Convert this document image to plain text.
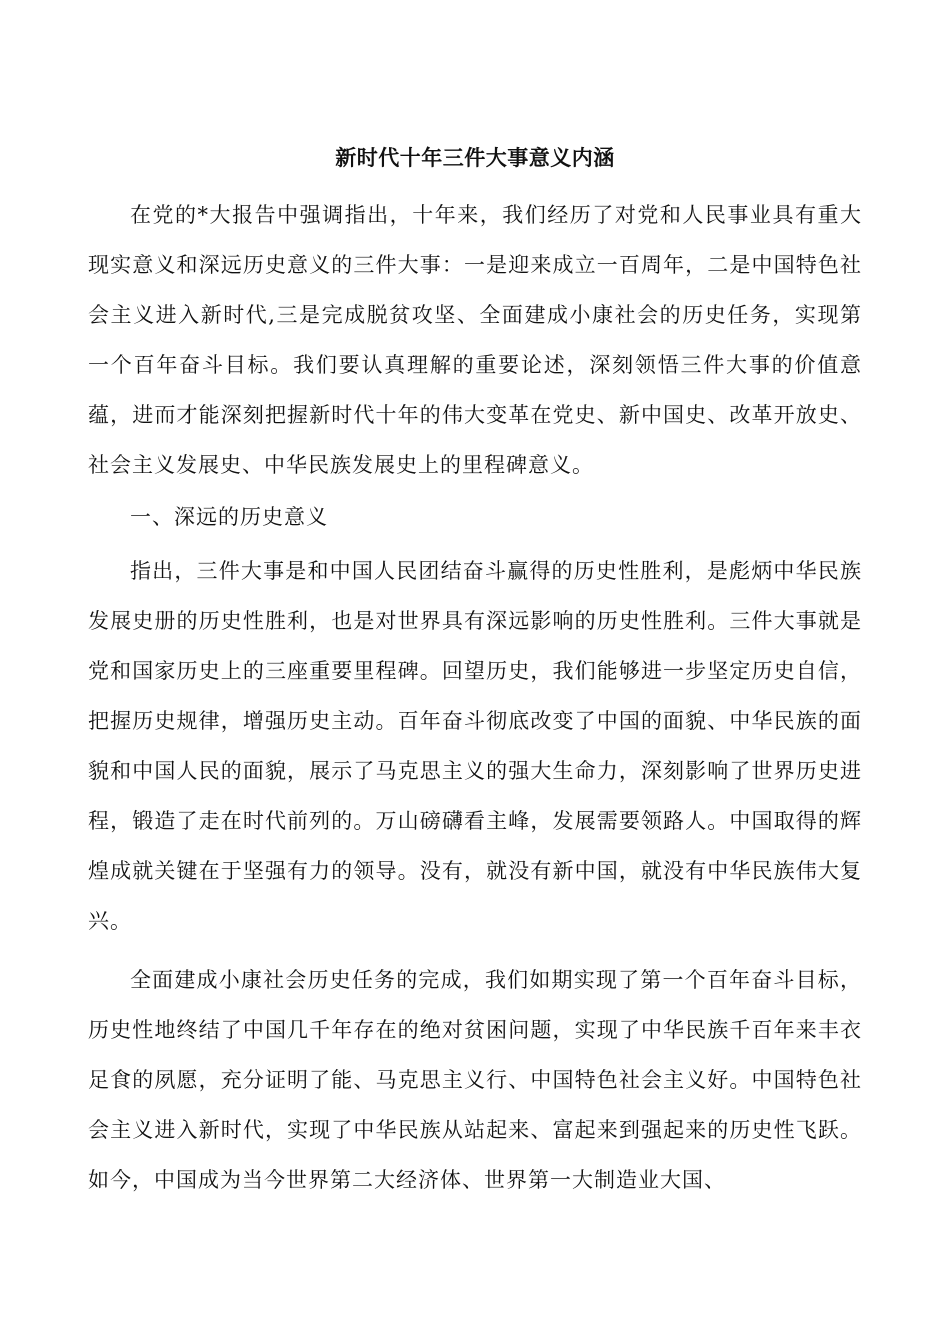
新时代十年三件大事意义内涵

在党的*大报告中强调指出，十年来，我们经历了对党和人民事业具有重大现实意义和深远历史意义的三件大事：一是迎来成立一百周年，二是中国特色社会主义进入新时代,三是完成脱贫攻坚、全面建成小康社会的历史任务，实现第一个百年奋斗目标。我们要认真理解的重要论述，深刻领悟三件大事的价值意蕴，进而才能深刻把握新时代十年的伟大变革在党史、新中国史、改革开放史、社会主义发展史、中华民族发展史上的里程碑意义。

一、深远的历史意义

指出，三件大事是和中国人民团结奋斗赢得的历史性胜利，是彪炳中华民族发展史册的历史性胜利，也是对世界具有深远影响的历史性胜利。三件大事就是党和国家历史上的三座重要里程碑。回望历史，我们能够进一步坚定历史自信，把握历史规律，增强历史主动。百年奋斗彻底改变了中国的面貌、中华民族的面貌和中国人民的面貌，展示了马克思主义的强大生命力，深刻影响了世界历史进程，锻造了走在时代前列的。万山磅礴看主峰，发展需要领路人。中国取得的辉煌成就关键在于坚强有力的领导。没有，就没有新中国，就没有中华民族伟大复兴。

全面建成小康社会历史任务的完成，我们如期实现了第一个百年奋斗目标，历史性地终结了中国几千年存在的绝对贫困问题，实现了中华民族千百年来丰衣足食的夙愿，充分证明了能、马克思主义行、中国特色社会主义好。中国特色社会主义进入新时代，实现了中华民族从站起来、富起来到强起来的历史性飞跃。如今，中国成为当今世界第二大经济体、世界第一大制造业大国、
